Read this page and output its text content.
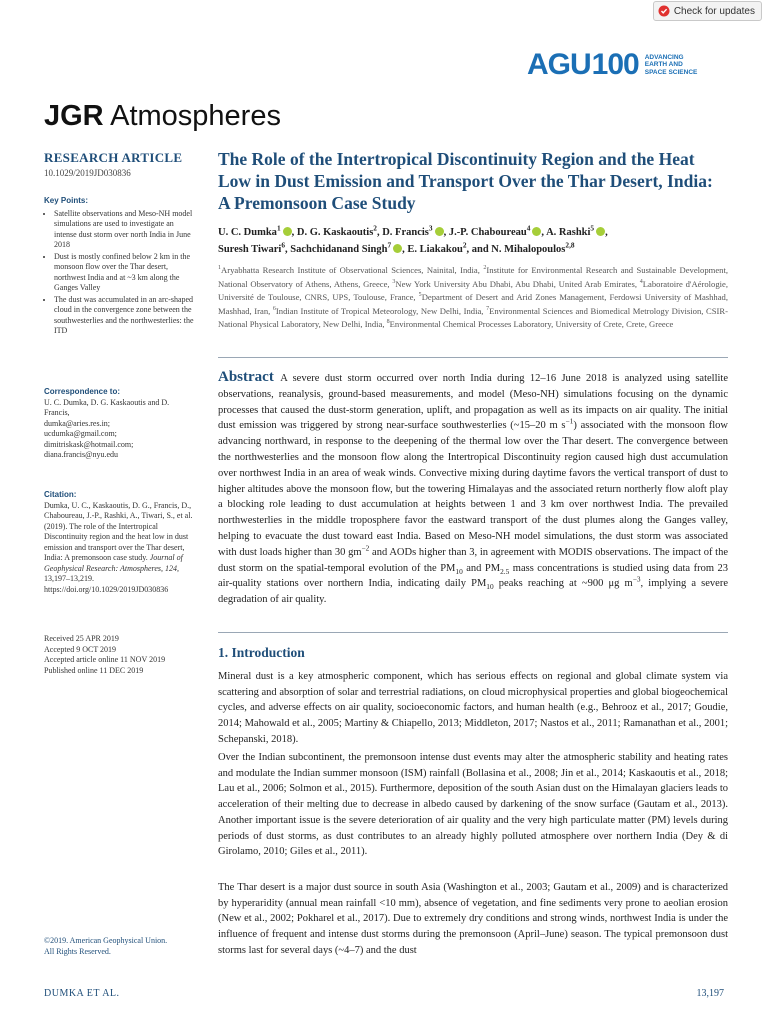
Check for updates
AGU 100 ADVANCING
EARTH AND
SPACE SCIENCE
JGR Atmospheres
RESEARCH ARTICLE
10.1029/2019JD030836
Key Points:
• Satellite observations and Meso-NH model simulations are used to investigate an intense dust storm over north India in June 2018
• Dust is mostly confined below 2 km in the monsoon flow over the Thar desert, northwest India and at ~3 km along the Ganges Valley
• The dust was accumulated in an arc-shaped cloud in the convergence zone between the southwesterlies and the northwesterlies: the ITD
Correspondence to:
U. C. Dumka, D. G. Kaskaoutis and D. Francis,
dumka@aries.res.in;
ucdumka@gmail.com;
dimitriskask@hotmail.com;
diana.francis@nyu.edu
Citation:
Dumka, U. C., Kaskaoutis, D. G., Francis, D., Chaboureau, J.-P., Rashki, A., Tiwari, S., et al. (2019). The role of the Intertropical Discontinuity region and the heat low in dust emission and transport over the Thar desert, India: A premonsoon case study. Journal of Geophysical Research: Atmospheres, 124, 13,197–13,219. https://doi.org/10.1029/2019JD030836
Received 25 APR 2019
Accepted 9 OCT 2019
Accepted article online 11 NOV 2019
Published online 11 DEC 2019
©2019. American Geophysical Union.
All Rights Reserved.
The Role of the Intertropical Discontinuity Region and the Heat Low in Dust Emission and Transport Over the Thar Desert, India: A Premonsoon Case Study
U. C. Dumka$^1$ , D. G. Kaskaoutis$^2$, D. Francis$^3$ , J.-P. Chaboureau$^4$ , A. Rashki$^5$ ,
Suresh Tiwari$^6$, Sachchidanand Singh$^7$ , E. Liakakou$^2$, and N. Mihalopoulos$^{2,8}$
$^1$Aryabhatta Research Institute of Observational Sciences, Nainital, India, $^2$Institute for Environmental Research and Sustainable Development, National Observatory of Athens, Athens, Greece, $^3$New York University Abu Dhabi, Abu Dhabi, United Arab Emirates, $^4$Laboratoire d'Aérologie, Université de Toulouse, CNRS, UPS, Toulouse, France, $^5$Department of Desert and Arid Zones Management, Ferdowsi University of Mashhad, Mashhad, Iran, $^6$Indian Institute of Tropical Meteorology, New Delhi, India, $^7$Environmental Sciences and Biomedical Metrology Division, CSIR-National Physical Laboratory, New Delhi, India, $^8$Environmental Chemical Processes Laboratory, University of Crete, Crete, Greece
Abstract A severe dust storm occurred over north India during 12–16 June 2018 is analyzed using satellite observations, reanalysis, ground-based measurements, and model (Meso-NH) simulations focusing on the dynamic processes that caused the dust-storm generation, uplift, and propagation as well as its impacts on air quality. The initial dust emission was triggered by strong near-surface southwesterlies (~15–20 m $s^{-1}$) associated with the monsoon flow advancing northward, in response to the deepening of the thermal low over the Thar desert. The convergence between the northwesterlies and the monsoon flow along the Intertropical Discontinuity region caused high dust accumulation over northwest India in an area of weak winds. Convective mixing during daytime favors the vertical transport of dust to higher altitudes above the monsoon flow, but the towering Himalayas and the associated return northerly flow aloft play a blocking role leading to dust accumulation at heights between 1 and 3 km over northwest India. The prevailed northwesterlies in the middle troposphere favor the eastward transport of the dust plumes along the Ganges valley, helping to evacuate the dust toward east India. Based on Meso-NH model simulations, the dust storm was associated with dust loads higher than 30 $gm^{-2}$ and AODs higher than 3, in agreement with MODIS observations. The impact of the dust storm on the spatial-temporal evolution of the $PM_{10}$ and $PM_{2.5}$ mass concentrations is studied using data from 23 air-quality stations over northern India, indicating daily $PM_{10}$ peaks reaching at ~900 μg $m^{-3}$, implying a severe degradation of air quality.
1. Introduction
Mineral dust is a key atmospheric component, which has serious effects on regional and global climate system via scattering and absorption of solar and terrestrial radiations, on cloud microphysical properties and global biogeochemical cycles, and adverse effects on air quality, socioeconomic factors, and human health (e.g., Behrooz et al., 2017; Goudie, 2014; Mahowald et al., 2005; Martiny & Chiapello, 2013; Middleton, 2017; Nastos et al., 2011; Ramanathan et al., 2001; Schepanski, 2018).
Over the Indian subcontinent, the premonsoon intense dust events may alter the atmospheric stability and heating rates and modulate the Indian summer monsoon (ISM) rainfall (Bollasina et al., 2008; Jin et al., 2014; Kaskaoutis et al., 2018; Lau et al., 2006; Solmon et al., 2015). Furthermore, deposition of the south Asian dust on the Himalayan glaciers leads to acceleration of their melting due to decrease in albedo caused by darkening of the snow surface (Gautam et al., 2013). Another important issue is the severe deterioration of air quality and the very high particulate matter (PM) levels during periods of dust storms, as dust contributes to an already highly polluted atmosphere over northern India (Dey & di Girolamo, 2010; Giles et al., 2011).
The Thar desert is a major dust source in south Asia (Washington et al., 2003; Gautam et al., 2009) and is characterized by hyperaridity (annual mean rainfall <10 mm), absence of vegetation, and fine sediments very prone to aeolian erosion (New et al., 2002; Pokharel et al., 2017). Due to extremely dry conditions and strong winds, northwest India is under the influence of frequent and intense dust storms during the premonsoon (April–June) season. The typical premonsoon dust storms last for several days (~4–7) and the dust
DUMKA ET AL.	13,197
